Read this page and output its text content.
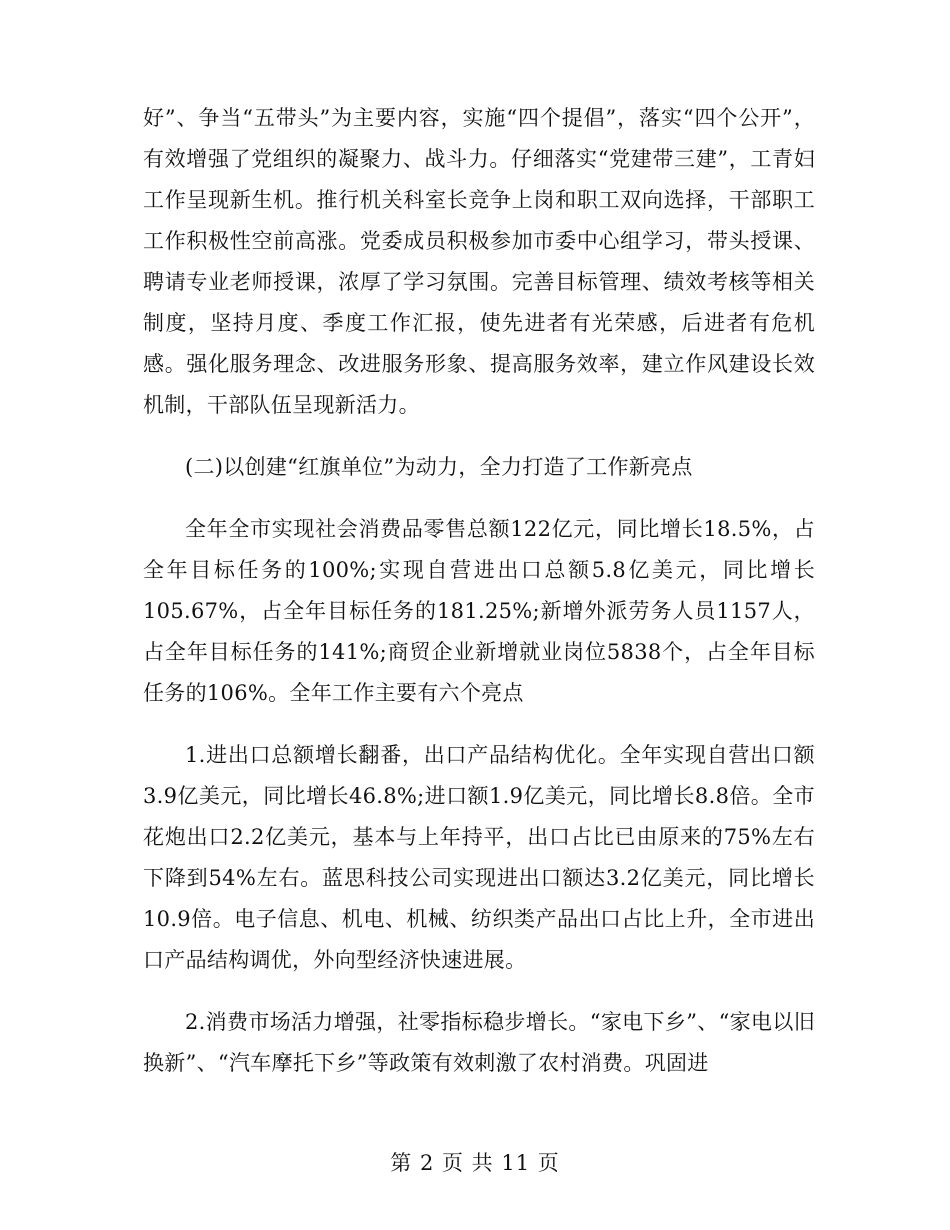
好”、争当“五带头”为主要内容，实施“四个提倡”，落实“四个公开”，有效增强了党组织的凝聚力、战斗力。仔细落实“党建带三建”，工青妇工作呈现新生机。推行机关科室长竞争上岗和职工双向选择，干部职工工作积极性空前高涨。党委成员积极参加市委中心组学习，带头授课、聘请专业老师授课，浓厚了学习氛围。完善目标管理、绩效考核等相关制度，坚持月度、季度工作汇报，使先进者有光荣感，后进者有危机感。强化服务理念、改进服务形象、提高服务效率，建立作风建设长效机制，干部队伍呈现新活力。

(二)以创建“红旗单位”为动力，全力打造了工作新亮点

全年全市实现社会消费品零售总额122亿元，同比增长18.5%，占全年目标任务的100%;实现自营进出口总额5.8亿美元，同比增长105.67%，占全年目标任务的181.25%;新增外派劳务人员1157人，占全年目标任务的141%;商贸企业新增就业岗位5838个，占全年目标任务的106%。全年工作主要有六个亮点

1.进出口总额增长翻番，出口产品结构优化。全年实现自营出口额3.9亿美元，同比增长46.8%;进口额1.9亿美元，同比增长8.8倍。全市花炮出口2.2亿美元，基本与上年持平，出口占比已由原来的75%左右下降到54%左右。蓝思科技公司实现进出口额达3.2亿美元，同比增长10.9倍。电子信息、机电、机械、纺织类产品出口占比上升，全市进出口产品结构调优，外向型经济快速进展。

2.消费市场活力增强，社零指标稳步增长。“家电下乡”、“家电以旧换新”、“汽车摩托下乡”等政策有效刺激了农村消费。巩固进

第 2 页 共 11 页
